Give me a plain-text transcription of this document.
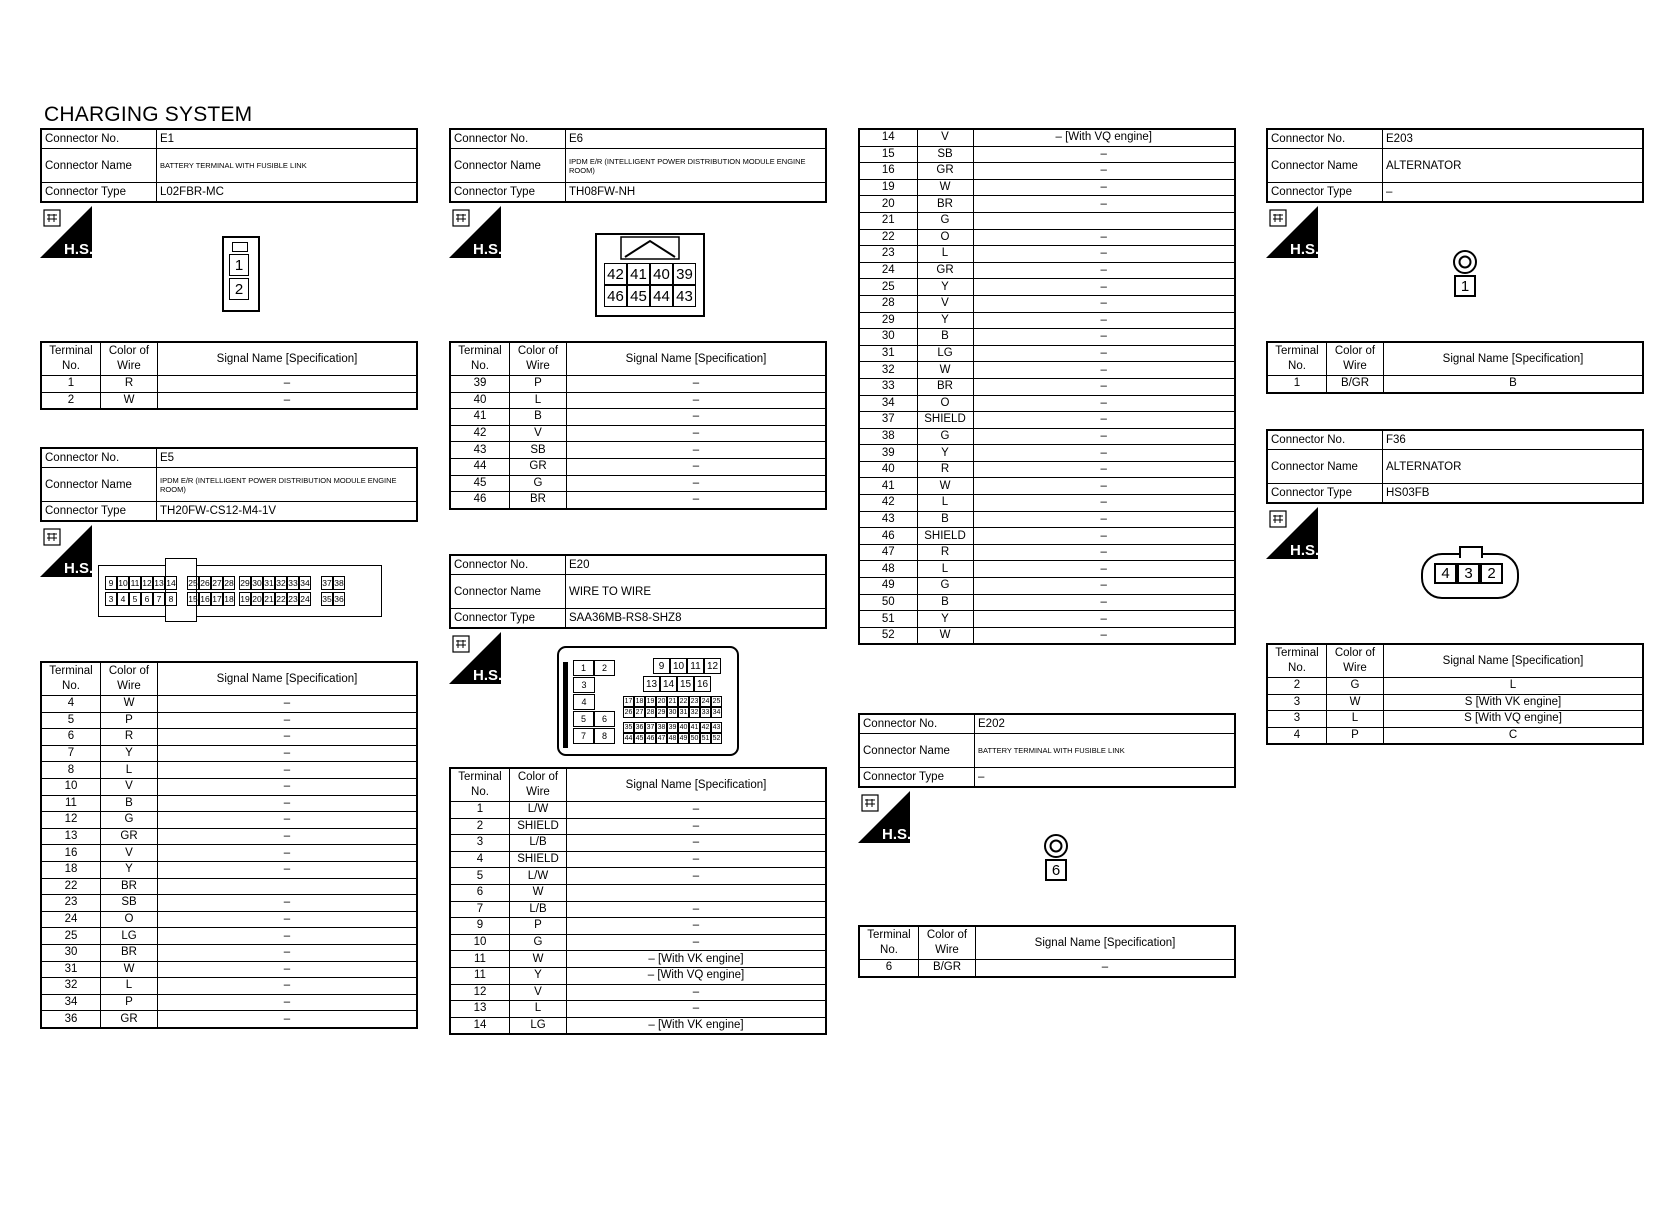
CHARGING SYSTEM
Connector No.	E1
Connector Name	BATTERY TERMINAL WITH FUSIBLE LINK
Connector Type	L02FBR-MC
H.S.
1
2
Terminal No.	Color of Wire	Signal Name [Specification]
1	R	–
2	W	–
Connector No.	E5
Connector Name	IPDM E/R (INTELLIGENT POWER DISTRIBUTION MODULE ENGINE ROOM)
Connector Type	TH20FW-CS12-M4-1V
H.S.
9 10 11 12 13 14 25 26 27 28 29 30 31 32 33 34 37 38
3 4 5 6 7 8	15 16 17 18 19 20 21 22 23 24 35 36
Terminal No.	Color of Wire	Signal Name [Specification]
4	W	–
5	P	–
6	R	–
7	Y	–
8	L	–
10	V	–
11	B	–
12	G	–
13	GR	–
16	V	–
18	Y	–
22	BR	
23	SB	–
24	O	–
25	LG	–
30	BR	–
31	W	–
32	L	–
34	P	–
36	GR	–
Connector No.	E6
Connector Name	IPDM E/R (INTELLIGENT POWER DISTRIBUTION MODULE ENGINE ROOM)
Connector Type	TH08FW-NH
H.S.
42 41 40 39
46 45 44 43
Terminal No.	Color of Wire	Signal Name [Specification]
39	P	–
40	L	–
41	B	–
42	V	–
43	SB	–
44	GR	–
45	G	–
46	BR	–
Connector No.	E20
Connector Name	WIRE TO WIRE
Connector Type	SAA36MB-RS8-SHZ8
H.S.	1	2
3
4
5	6
7	8
9 10 11 12
13 14 15 16
17 18 19 20 21 22 23 24 25
26 27 28 29 30 31 32 33 34
35 36 37 38 39 40 41 42 43
44 45 46 47 48 49 50 51 52
Terminal No.	Color of Wire	Signal Name [Specification]
1	L/W	–
2	SHIELD	–
3	L/B	–
4	SHIELD	–
5	L/W	–
6	W	
7	L/B	–
9	P	–
10	G	–
11	W	– [With VK engine]
11	Y	– [With VQ engine]
12	V	–
13	L	–
14	LG	– [With VK engine]
14	V	– [With VQ engine]
15	SB	–
16	GR	–
19	W	–
20	BR	–
21	G	
22	O	–
23	L	–
24	GR	–
25	Y	–
28	V	–
29	Y	–
30	B	–
31	LG	–
32	W	–
33	BR	–
34	O	–
37	SHIELD	–
38	G	–
39	Y	–
40	R	–
41	W	–
42	L	–
43	B	–
46	SHIELD	–
47	R	–
48	L	–
49	G	–
50	B	–
51	Y	–
52	W	–
Connector No.	E202
Connector Name	BATTERY TERMINAL WITH FUSIBLE LINK
Connector Type	–
H.S.
6
Terminal No.	Color of Wire	Signal Name [Specification]
6	B/GR	–
Connector No.	E203
Connector Name	ALTERNATOR
Connector Type	–
H.S.
1
Terminal No.	Color of Wire	Signal Name [Specification]
1	B/GR	B
Connector No.	F36
Connector Name	ALTERNATOR
Connector Type	HS03FB
H.S.
4 3 2
Terminal No.	Color of Wire	Signal Name [Specification]
2	G	L
3	W	S [With VK engine]
3	L	S [With VQ engine]
4	P	C
